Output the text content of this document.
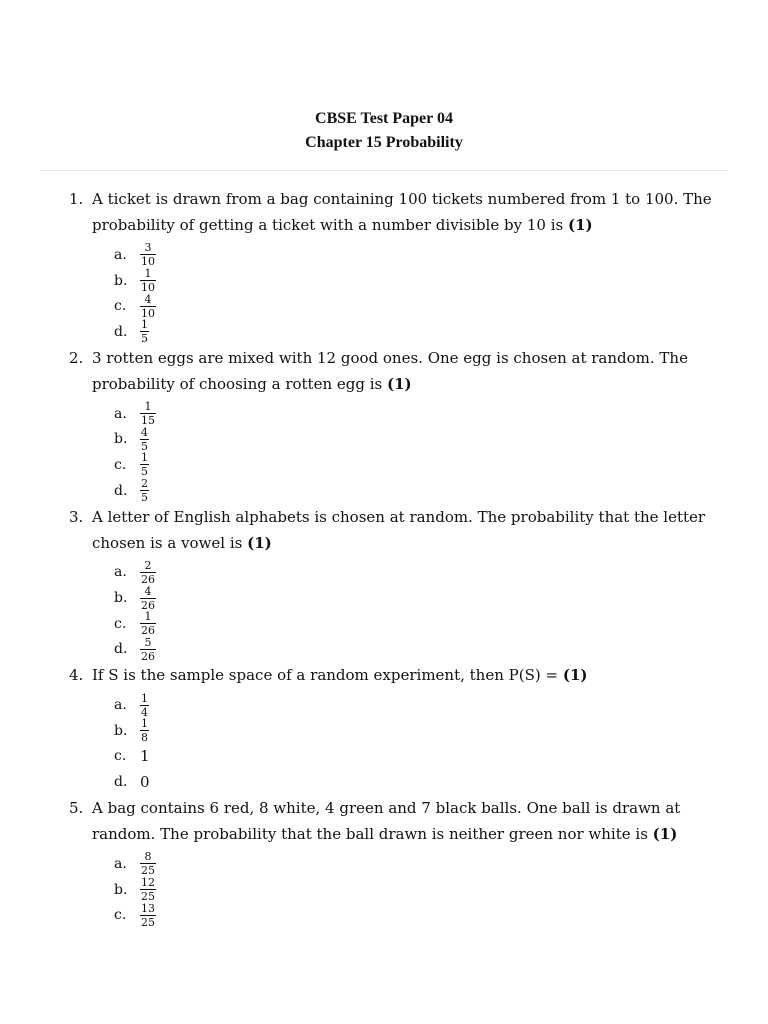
CBSE Test Paper 04
Chapter 15 Probability
1. A ticket is drawn from a bag containing 100 tickets numbered from 1 to 100. The probability of getting a ticket with a number divisible by 10 is (1)
a.	$\frac{3}{10}$
b.	$\frac{1}{10}$
c.	$\frac{4}{10}$
d.	$\frac{1}{5}$
2. 3 rotten eggs are mixed with 12 good ones. One egg is chosen at random. The probability of choosing a rotten egg is (1)
a.	$\frac{1}{15}$
b.	$\frac{4}{5}$
c.	$\frac{1}{5}$
d.	$\frac{2}{5}$
3. A letter of English alphabets is chosen at random. The probability that the letter chosen is a vowel is (1)
a.	$\frac{2}{26}$
b.	$\frac{4}{26}$
c.	$\frac{1}{26}$
d.	$\frac{5}{26}$
4. If S is the sample space of a random experiment, then P(S) = (1)
a.	$\frac{1}{4}$
b.	$\frac{1}{8}$
c. 1
d. 0
5. A bag contains 6 red, 8 white, 4 green and 7 black balls. One ball is drawn at random. The probability that the ball drawn is neither green nor white is (1)
a.	$\frac{8}{25}$
b.	$\frac{12}{25}$
c.	$\frac{13}{25}$
